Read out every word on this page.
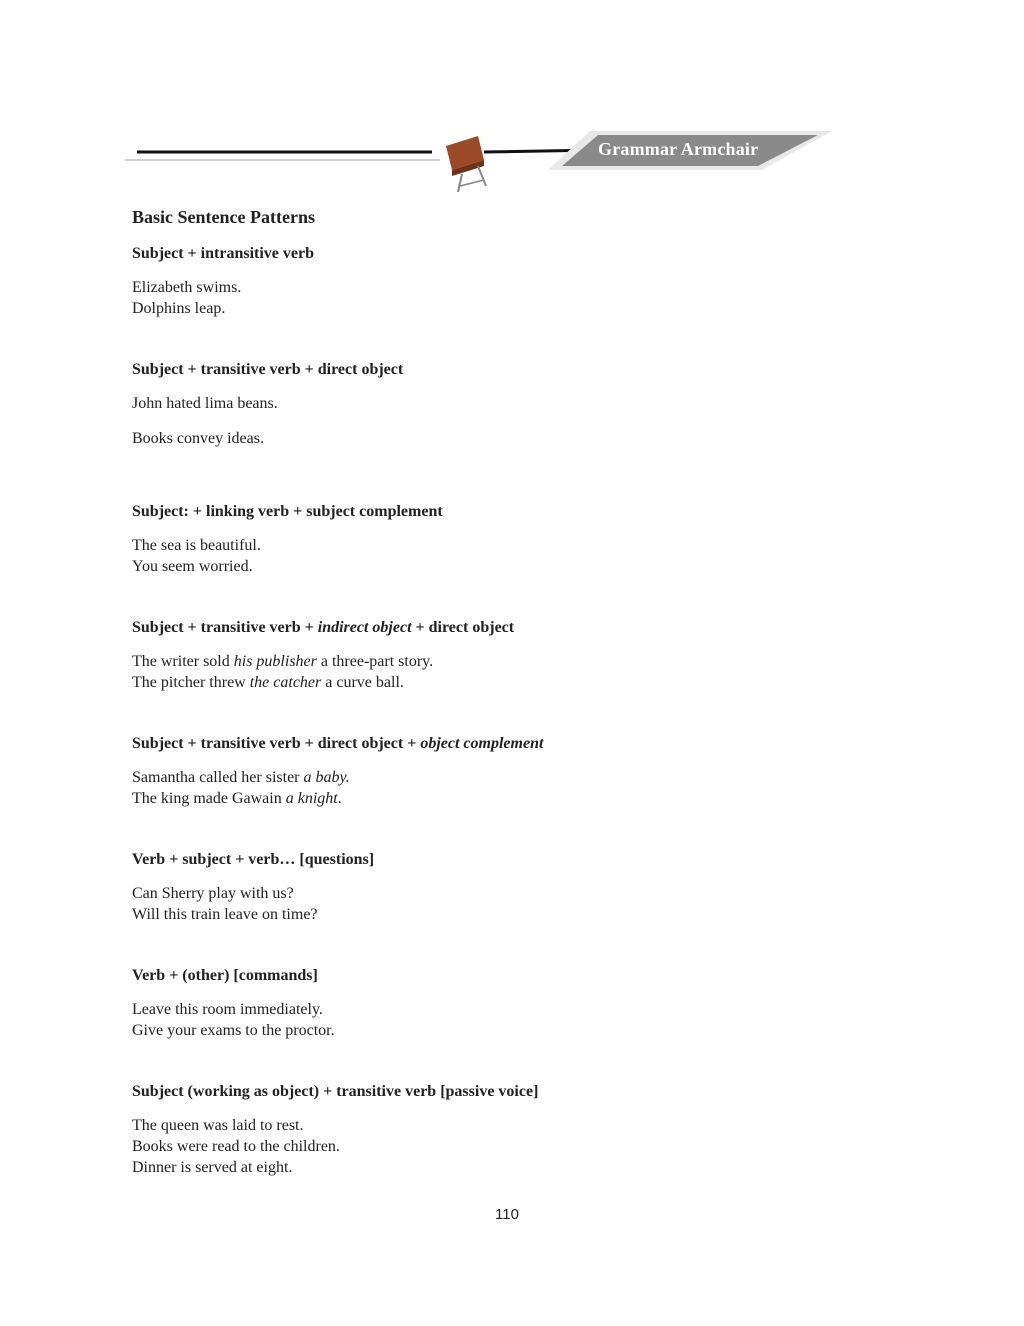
Grammar Armchair
Basic Sentence Patterns
Subject + intransitive verb
Elizabeth swims.
Dolphins leap.
Subject + transitive verb + direct object
John hated lima beans.
Books convey ideas.
Subject: + linking verb + subject complement
The sea is beautiful.
You seem worried.
Subject + transitive verb + indirect object + direct object
The writer sold his publisher a three-part story.
The pitcher threw the catcher a curve ball.
Subject + transitive verb + direct object + object complement
Samantha called her sister a baby.
The king made Gawain a knight.
Verb + subject + verb… [questions]
Can Sherry play with us?
Will this train leave on time?
Verb + (other) [commands]
Leave this room immediately.
Give your exams to the proctor.
Subject (working as object) + transitive verb [passive voice]
The queen was laid to rest.
Books were read to the children.
Dinner is served at eight.
110
